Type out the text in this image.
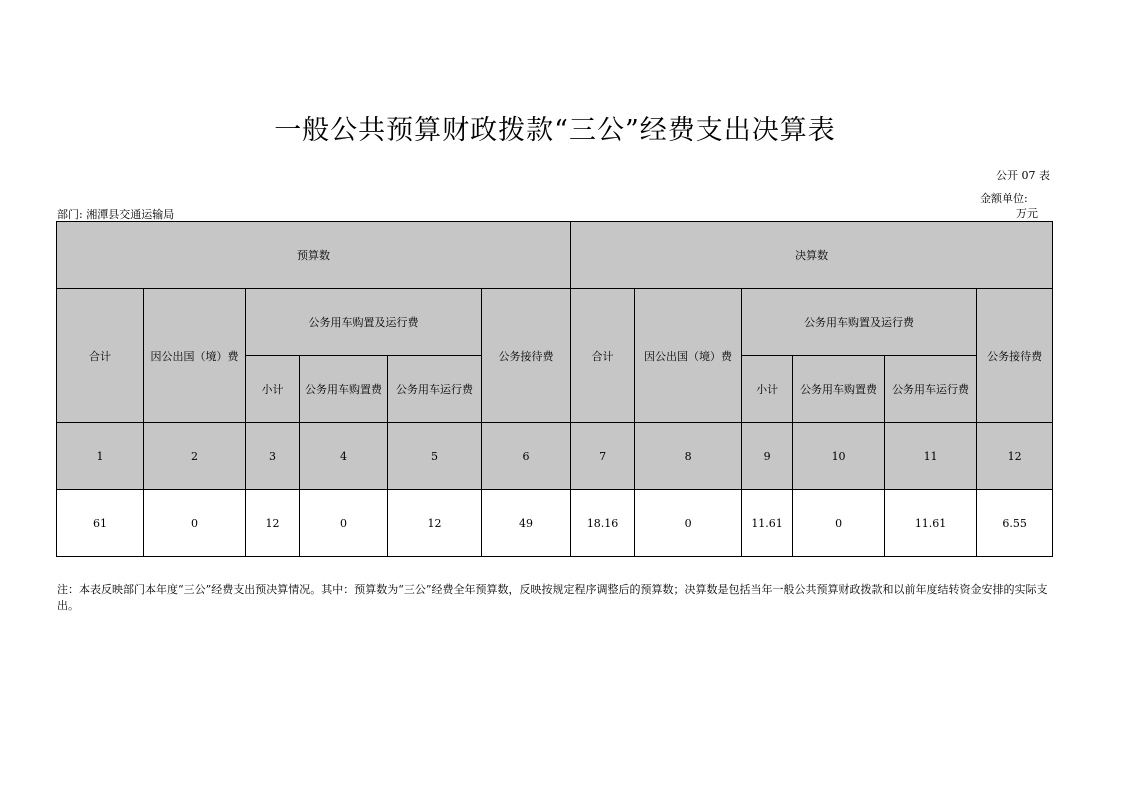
一般公共预算财政拨款“三公”经费支出决算表
公开 07 表
金额单位:
万元
部门: 湘潭县交通运输局
预算数						决算数					
合计	因公出国（境）费	公务用车购置及运行费			公务接待费	合计	因公出国（境）费	公务用车购置及运行费			公务接待费
		小计	公务用车购置费	公务用车运行费				小计	公务用车购置费	公务用车运行费	
1	2	3	4	5	6	7	8	9	10	11	12
61	0	12	0	12	49	18.16	0	11.61	0	11.61	6.55
注：本表反映部门本年度“三公”经费支出预决算情况。其中：预算数为“三公”经费全年预算数，反映按规定程序调整后的预算数；决算数是包括当年一般公共预算财政拨款和以前年度结转资金安排的实际支出。
